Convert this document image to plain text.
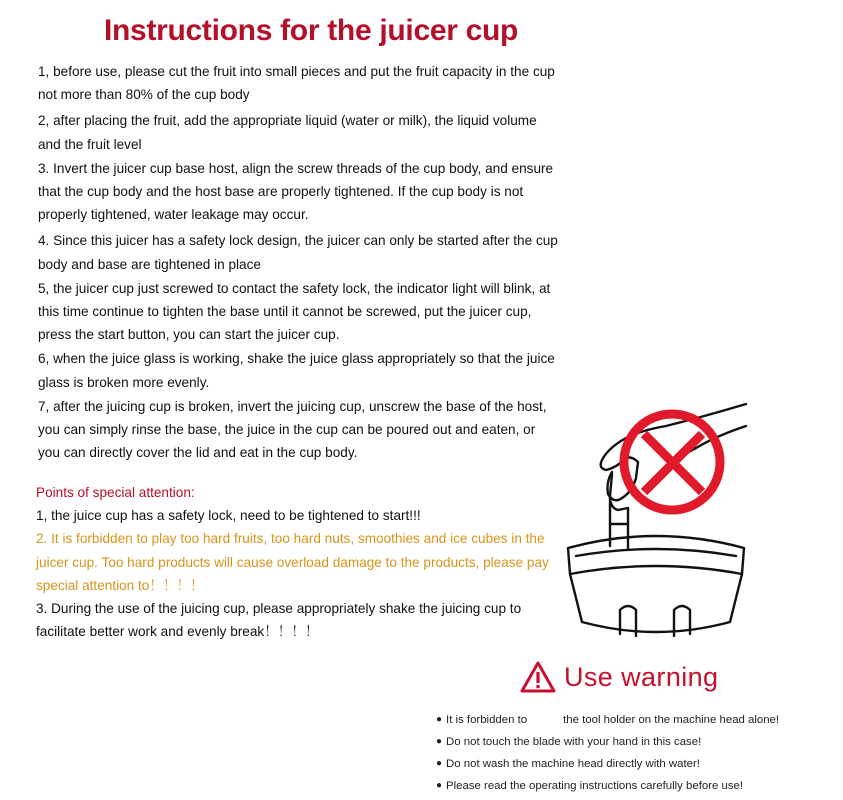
Instructions for the juicer cup
1, before use, please cut the fruit into small pieces and put the fruit capacity in the cup not more than 80% of the cup body
2, after placing the fruit, add the appropriate liquid (water or milk), the liquid volume and the fruit level
3. Invert the juicer cup base host, align the screw threads of the cup body, and ensure that the cup body and the host base are properly tightened. If the cup body is not properly tightened, water leakage may occur.
4. Since this juicer has a safety lock design, the juicer can only be started after the cup body and base are tightened in place
5, the juicer cup just screwed to contact the safety lock, the indicator light will blink, at this time continue to tighten the base until it cannot be screwed, put the juicer cup, press the start button, you can start the juicer cup.
6, when the juice glass is working, shake the juice glass appropriately so that the juice glass is broken more evenly.
7, after the juicing cup is broken, invert the juicing cup, unscrew the base of the host, you can simply rinse the base, the juice in the cup can be poured out and eaten, or you can directly cover the lid and eat in the cup body.
Points of special attention:
1, the juice cup has a safety lock, need to be tightened to start!!!
2. It is forbidden to play too hard fruits, too hard nuts, smoothies and ice cubes in the juicer cup. Too hard products will cause overload damage to the products, please pay special attention to！！！！
3. During the use of the juicing cup, please appropriately shake the juicing cup to facilitate better work and evenly break！！！！
Use warning
● It is forbidden to	the tool holder on the machine head alone!
● Do not touch the blade with your hand in this case!
● Do not wash the machine head directly with water!
● Please read the operating instructions carefully before use!
